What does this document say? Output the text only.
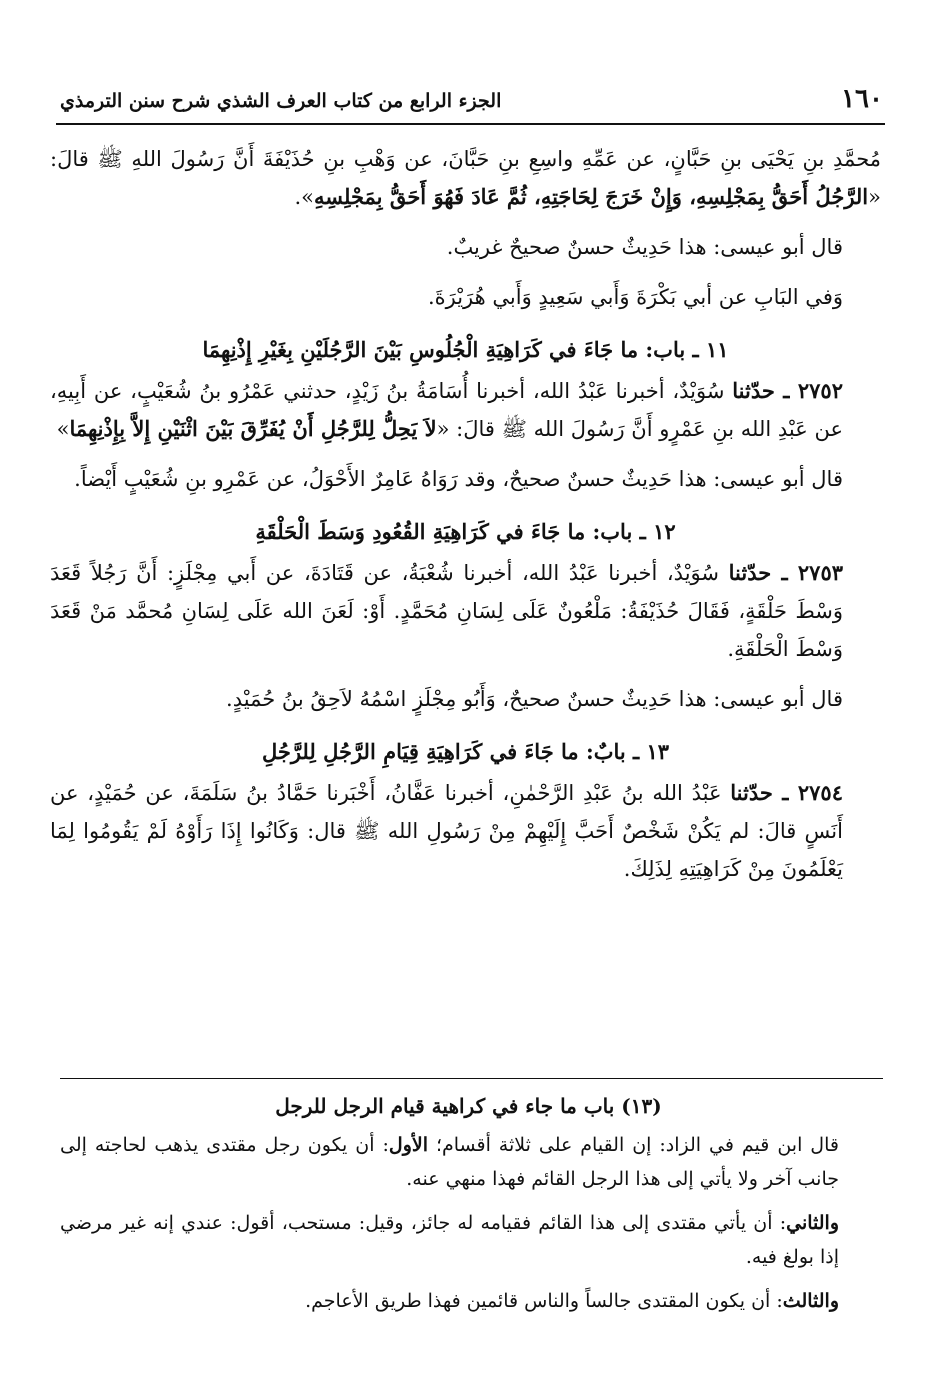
١٦٠
الجزء الرابع من كتاب العرف الشذي شرح سنن الترمذي

مُحمَّدِ بنِ يَحْيَى بنِ حَبَّانٍ، عن عَمِّهِ واسِعِ بنِ حَبَّانَ، عن وَهْبِ بنِ حُذَيْفَةَ أَنَّ رَسُولَ اللهِ ﷺ قالَ: «الرَّجُلُ أَحَقُّ بِمَجْلِسِهِ، وَإِنْ خَرَجَ لِحَاجَتِهِ، ثُمَّ عَادَ فَهُوَ أَحَقُّ بِمَجْلِسِهِ».

قال أبو عيسى: هذا حَدِيثٌ حسنٌ صحيحٌ غريبٌ.

وَفي البَابِ عن أبي بَكْرَةَ وَأَبي سَعِيدٍ وَأَبي هُرَيْرَةَ.

١١ ـ باب: ما جَاءَ في كَرَاهِيَةِ الْجُلُوسِ بَيْنَ الرَّجُلَيْنِ بِغَيْرِ إِذْنِهِمَا

٢٧٥٢ ـ حدّثنا سُوَيْدٌ، أخبرنا عَبْدُ الله، أخبرنا أُسَامَةُ بنُ زَيْدٍ، حدثني عَمْرُو بنُ شُعَيْبٍ، عن أَبِيهِ، عن عَبْدِ الله بنِ عَمْرٍو أَنَّ رَسُولَ الله ﷺ قالَ: «لاَ يَحِلُّ لِلرَّجُلِ أَنْ يُفَرِّقَ بَيْنَ اثْنَيْنِ إِلاَّ بِإِذْنِهِمَا»

قال أبو عيسى: هذا حَدِيثٌ حسنٌ صحيحٌ، وقد رَوَاهُ عَامِرٌ الأَحْوَلُ، عن عَمْرِو بنِ شُعَيْبٍ أَيْضاً.

١٢ ـ باب: ما جَاءَ في كَرَاهِيَةِ القُعُودِ وَسَطَ الْحَلْقَةِ

٢٧٥٣ ـ حدّثنا سُوَيْدٌ، أخبرنا عَبْدُ الله، أخبرنا شُعْبَةُ، عن قَتَادَةَ، عن أَبي مِجْلَزٍ: أَنَّ رَجُلاً قَعَدَ وَسْطَ حَلْقَةٍ، فَقَالَ حُذَيْفَةُ: مَلْعُونٌ عَلَى لِسَانِ مُحَمَّدٍ. أَوْ: لَعَنَ الله عَلَى لِسَانِ مُحمَّد مَنْ قَعَدَ وَسْطَ الْحَلْقَةِ.

قال أبو عيسى: هذا حَدِيثٌ حسنٌ صحيحٌ، وَأَبُو مِجْلَزٍ اسْمُهُ لاَحِقُ بنُ حُمَيْدٍ.

١٣ ـ بابٌ: ما جَاءَ في كَرَاهِيَةِ قِيَامِ الرَّجُلِ لِلرَّجُلِ

٢٧٥٤ ـ حدّثنا عَبْدُ الله بنُ عَبْدِ الرَّحْمٰنِ، أخبرنا عَفَّانُ، أَخْبَرنا حَمَّادُ بنُ سَلَمَةَ، عن حُمَيْدٍ، عن أَنَسٍ قالَ: لم يَكُنْ شَخْصٌ أَحَبَّ إِلَيْهِمْ مِنْ رَسُولِ الله ﷺ قال: وَكَانُوا إِذَا رَأَوْهُ لَمْ يَقُومُوا لِمَا يَعْلَمُونَ مِنْ كَرَاهِيَتِهِ لِذَلِكَ.

(١٣) باب ما جاء في كراهية قيام الرجل للرجل

قال ابن قيم في الزاد: إن القيام على ثلاثة أقسام؛ الأول: أن يكون رجل مقتدى يذهب لحاجته إلى جانب آخر ولا يأتي إلى هذا الرجل القائم فهذا منهي عنه.

والثاني: أن يأتي مقتدى إلى هذا القائم فقيامه له جائز، وقيل: مستحب، أقول: عندي إنه غير مرضي إذا بولغ فيه.

والثالث: أن يكون المقتدى جالساً والناس قائمين فهذا طريق الأعاجم.
